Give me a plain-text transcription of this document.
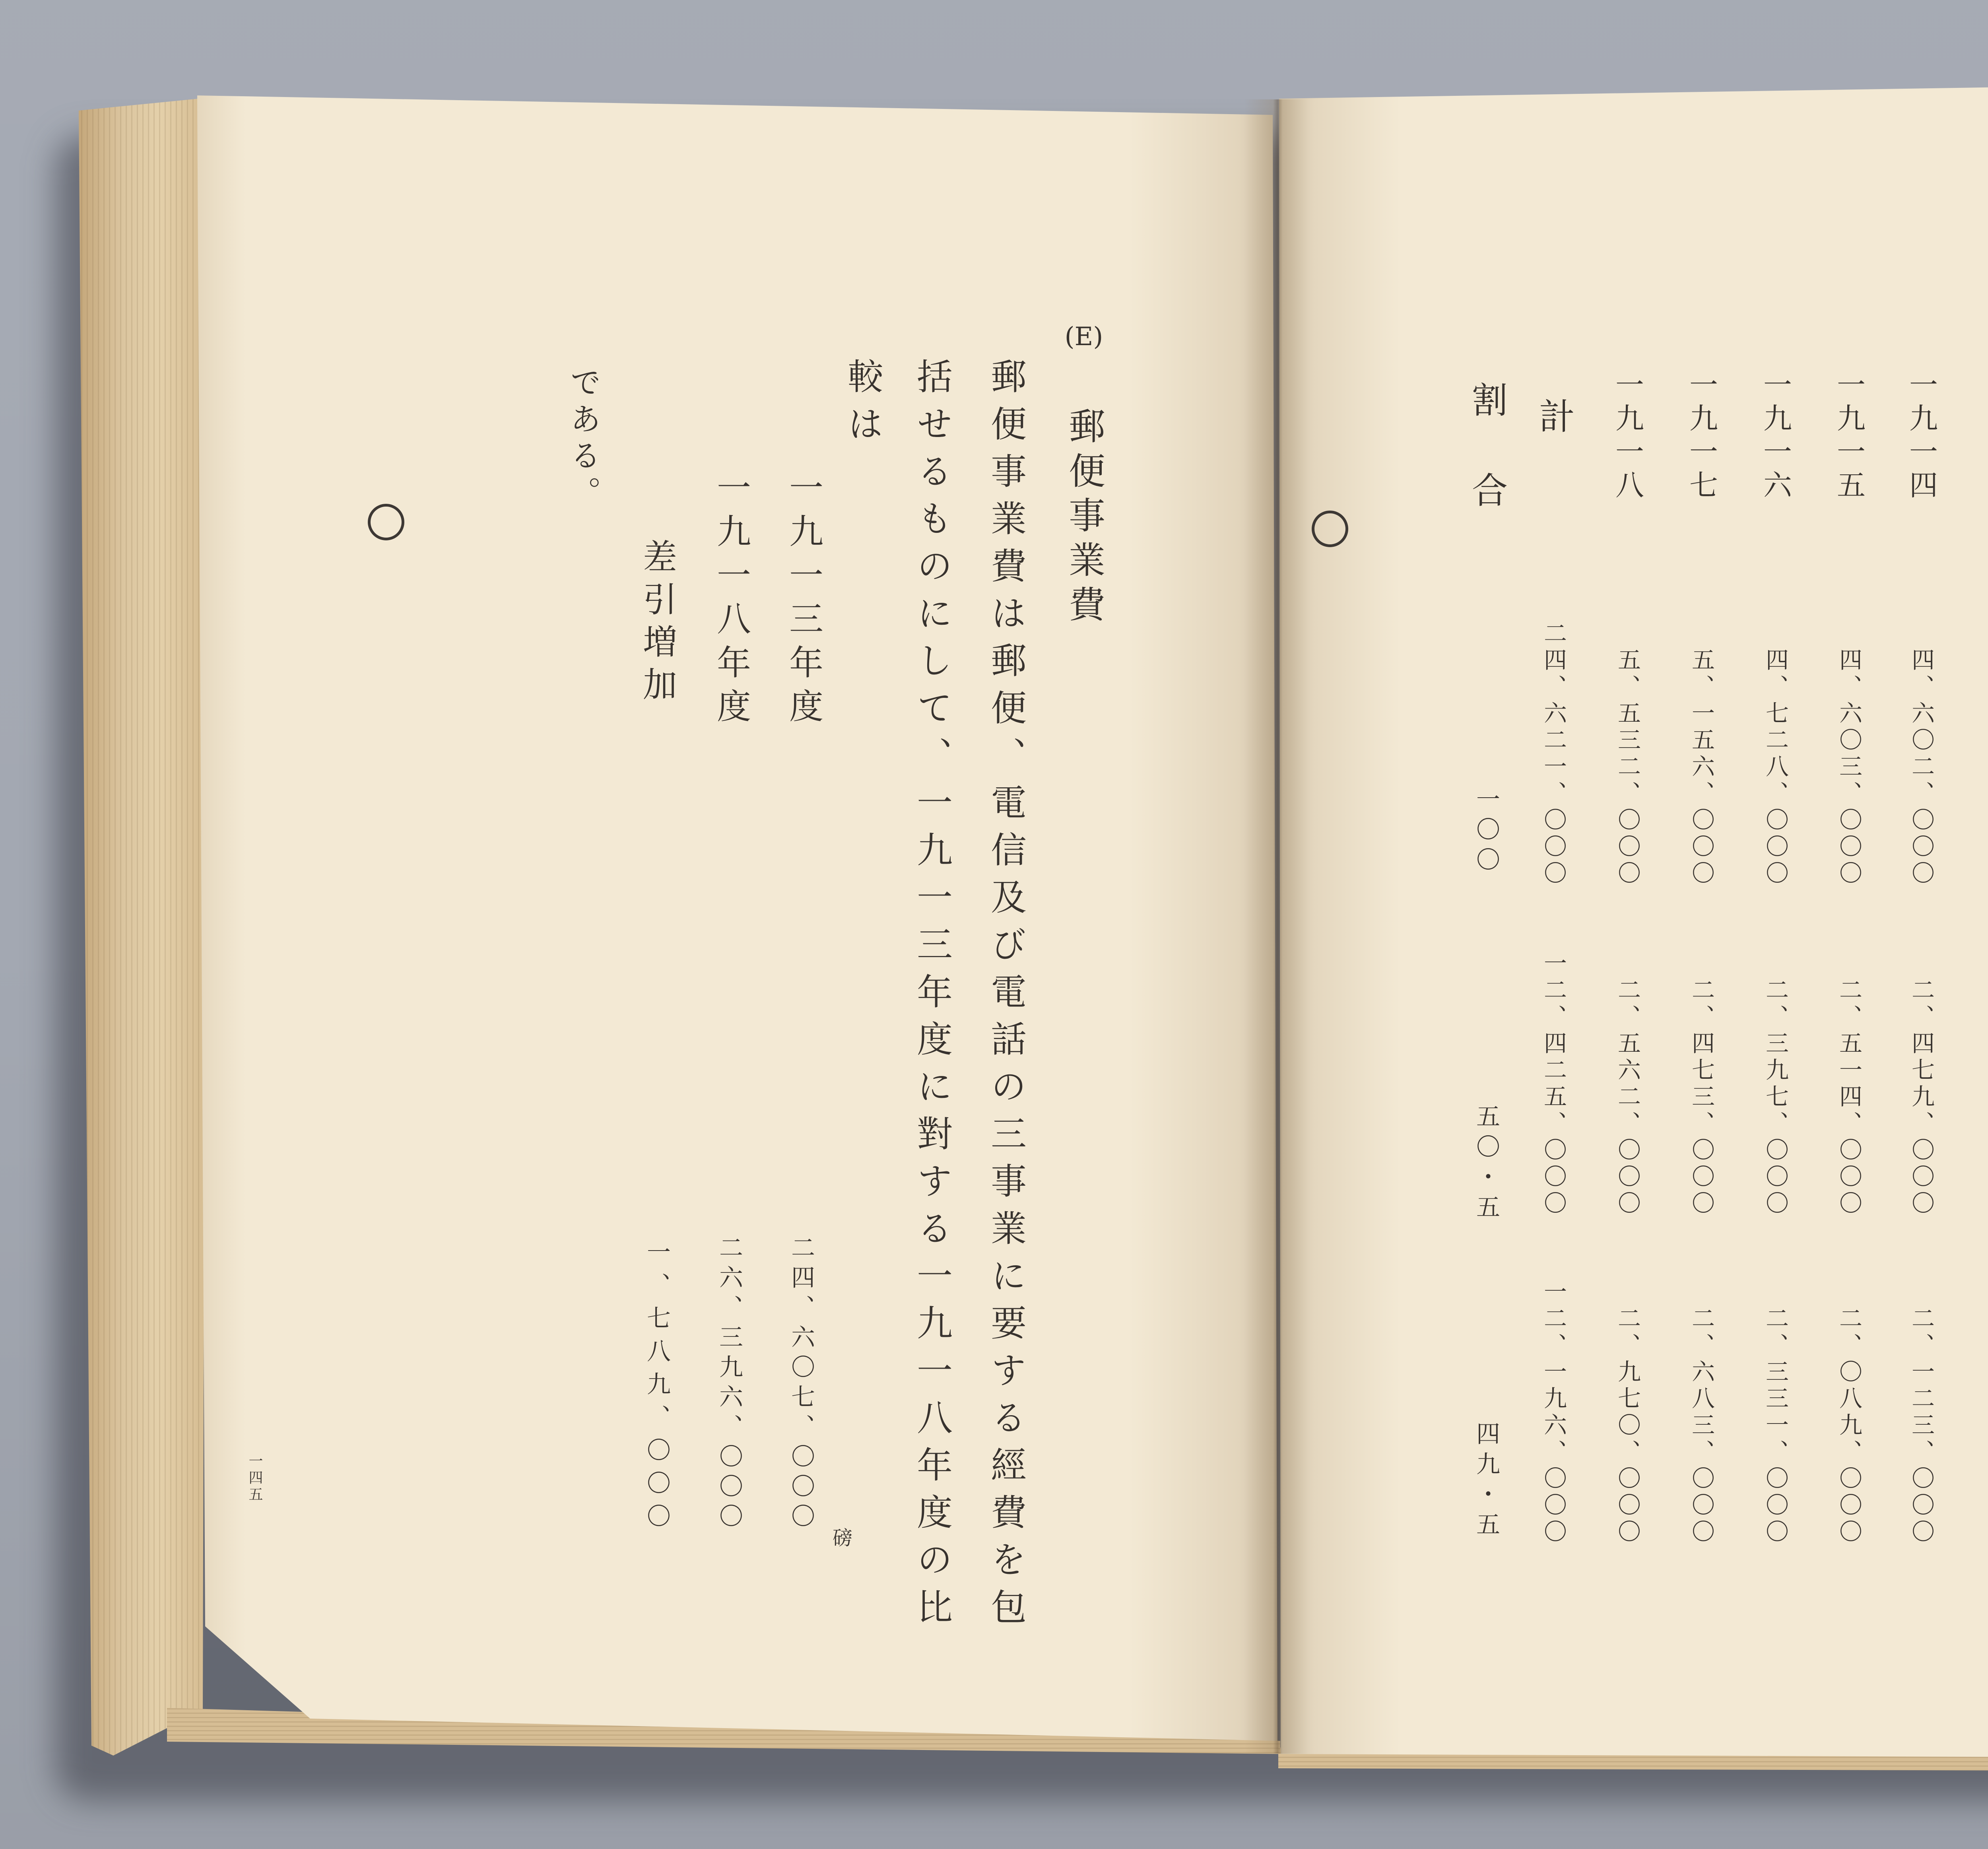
(E)
郵便事業費
郵便事業費は郵便、電信及び電話の三事業に要する經費を包
括せるものにして、一九一三年度に對する一九一八年度の比
較は
一九一三年度
一九一八年度
差引増加
磅
二四、六〇七、〇〇〇
二六、三九六、〇〇〇
一、七八九、〇〇〇
である。
一四五
一九一四
四、六〇二、〇〇〇
二、四七九、〇〇〇
二、一二三、〇〇〇
一九一五
四、六〇三、〇〇〇
二、五一四、〇〇〇
二、〇八九、〇〇〇
一九一六
四、七二八、〇〇〇
二、三九七、〇〇〇
二、三三一、〇〇〇
一九一七
五、一五六、〇〇〇
二、四七三、〇〇〇
二、六八三、〇〇〇
一九一八
五、五三二、〇〇〇
二、五六二、〇〇〇
二、九七〇、〇〇〇
計
二四、六二一、〇〇〇
一二、四二五、〇〇〇
一二、一九六、〇〇〇
割合
一〇〇
五〇・五
四九・五
